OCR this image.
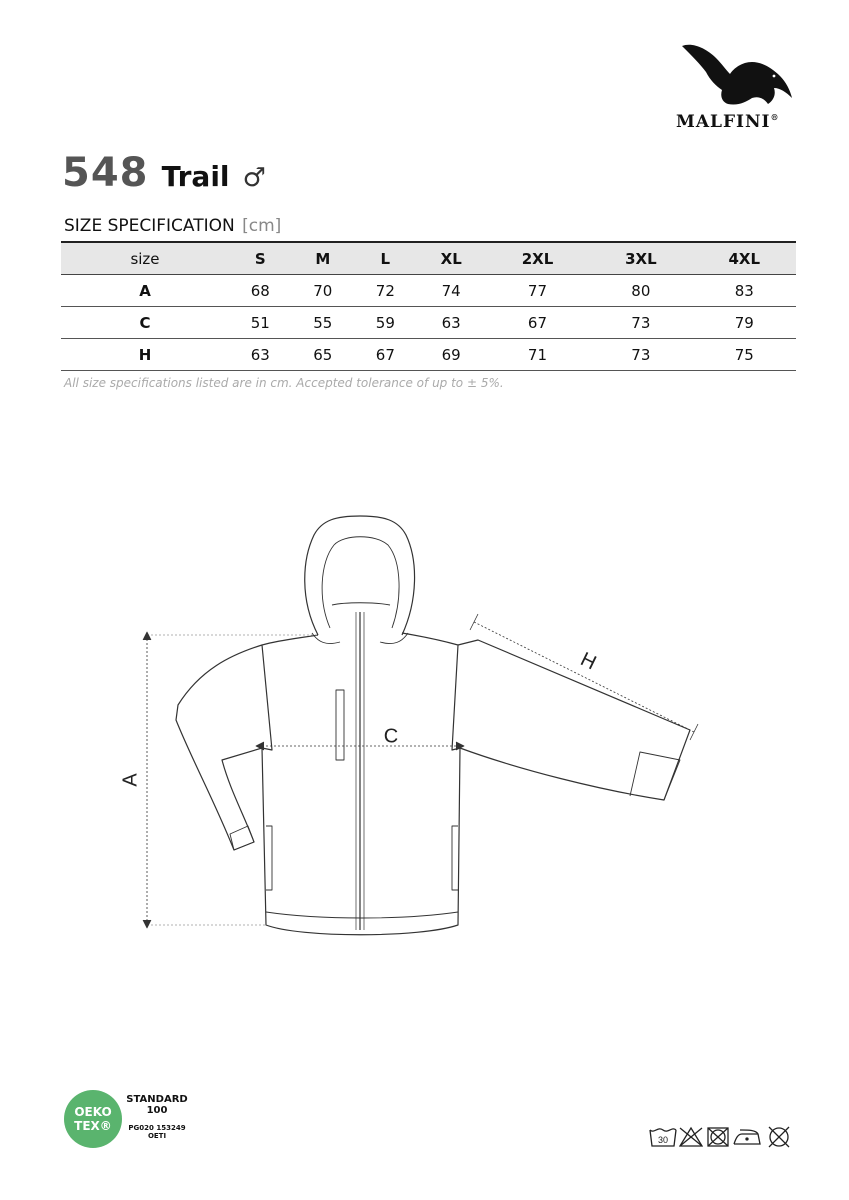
MALFINI®
548 Trail ♂
SIZE SPECIFICATION [cm]
size	S	M	L	XL	2XL	3XL	4XL
A	68	70	72	74	77	80	83
C	51	55	59	63	67	73	79
H	63	65	67	69	71	73	75
All size specifications listed are in cm. Accepted tolerance of up to ± 5%.
A
C
H
OEKO
TEX®
STANDARD
100
PG020 153249
OETI	30
